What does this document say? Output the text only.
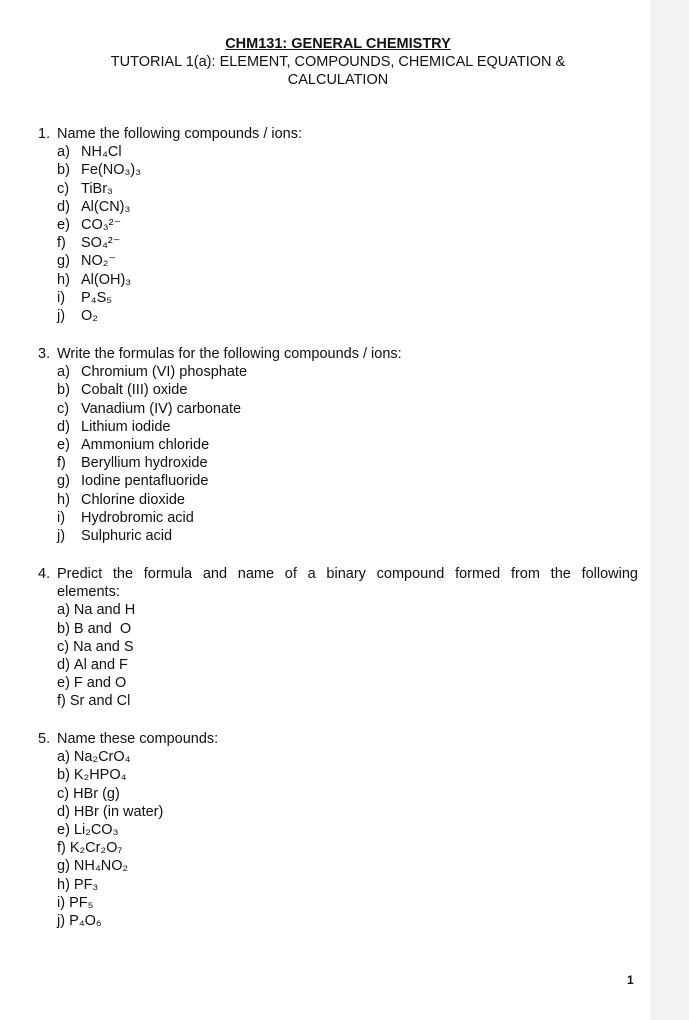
CHM131: GENERAL CHEMISTRY
TUTORIAL 1(a): ELEMENT, COMPOUNDS, CHEMICAL EQUATION &
CALCULATION
1. Name the following compounds / ions:
a) NH₄Cl
b) Fe(NO₃)₃
c) TiBr₃
d) Al(CN)₃
e) CO₃²⁻
f)	SO₄²⁻
g) NO₂⁻
h) Al(OH)₃
i)	P₄S₅
j)	O₂
3. Write the formulas for the following compounds / ions:
a) Chromium (VI) phosphate
b) Cobalt (III) oxide
c) Vanadium (IV) carbonate
d) Lithium iodide
e) Ammonium chloride
f)	Beryllium hydroxide
g) Iodine pentafluoride
h) Chlorine dioxide
i)	Hydrobromic acid
j)	Sulphuric acid
4. Predict the formula and name of a binary compound formed from the following
elements:
a) Na and H
b) B and  O
c) Na and S
d) Al and F
e) F and O
f) Sr and Cl
5. Name these compounds:
a) Na₂CrO₄
b) K₂HPO₄
c) HBr (g)
d) HBr (in water)
e) Li₂CO₃
f) K₂Cr₂O₇
g) NH₄NO₂
h) PF₃
i) PF₅
j) P₄O₆
1
